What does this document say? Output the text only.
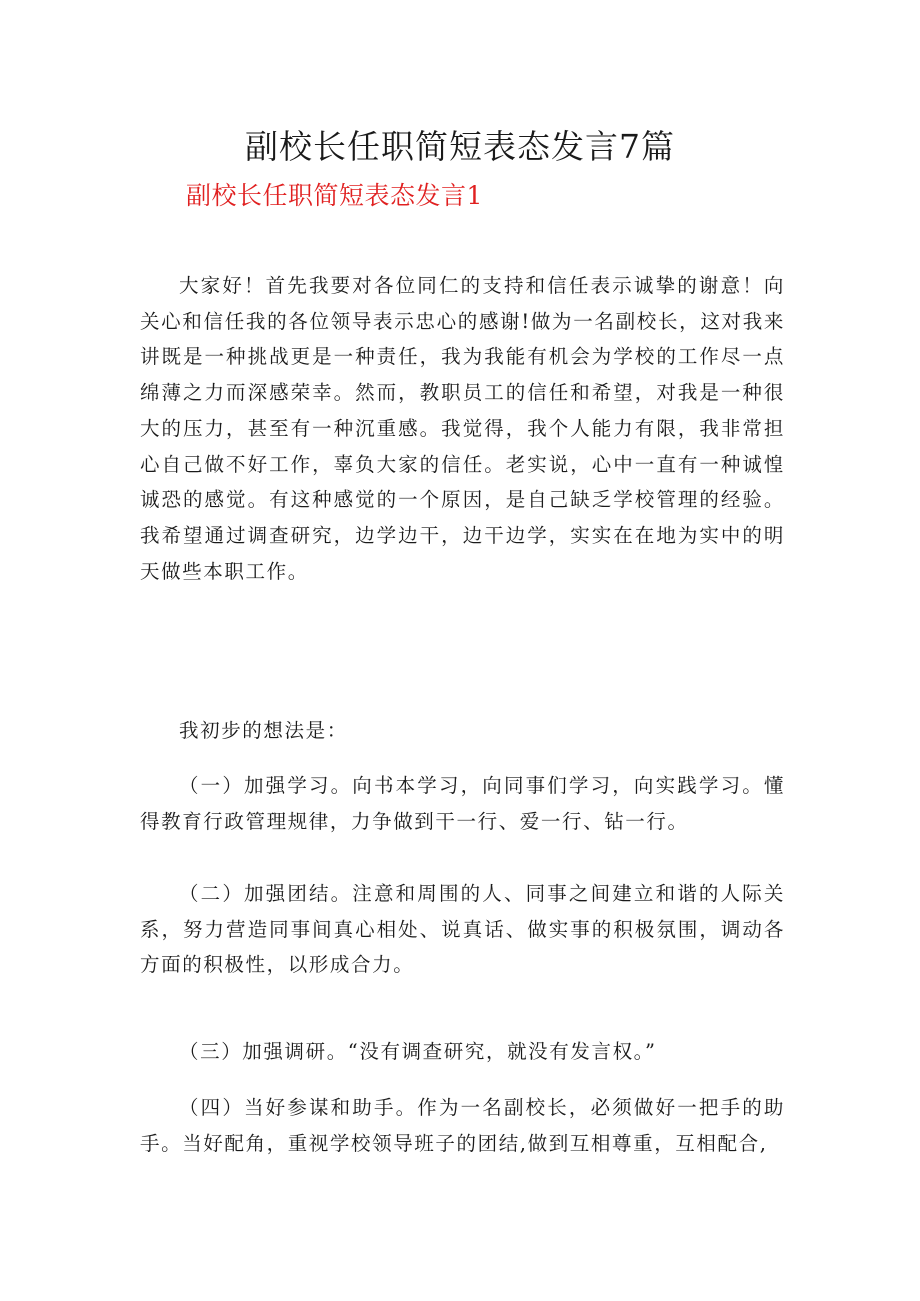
副校长任职简短表态发言7篇
副校长任职简短表态发言1

大家好！首先我要对各位同仁的支持和信任表示诚挚的谢意！向关心和信任我的各位领导表示忠心的感谢!做为一名副校长，这对我来讲既是一种挑战更是一种责任，我为我能有机会为学校的工作尽一点绵薄之力而深感荣幸。然而，教职员工的信任和希望，对我是一种很大的压力，甚至有一种沉重感。我觉得，我个人能力有限，我非常担心自己做不好工作，辜负大家的信任。老实说，心中一直有一种诚惶诚恐的感觉。有这种感觉的一个原因，是自己缺乏学校管理的经验。我希望通过调查研究，边学边干，边干边学，实实在在地为实中的明天做些本职工作。

我初步的想法是：

（一）加强学习。向书本学习，向同事们学习，向实践学习。懂得教育行政管理规律，力争做到干一行、爱一行、钻一行。

（二）加强团结。注意和周围的人、同事之间建立和谐的人际关系，努力营造同事间真心相处、说真话、做实事的积极氛围，调动各方面的积极性，以形成合力。

（三）加强调研。“没有调查研究，就没有发言权。”

（四）当好参谋和助手。作为一名副校长，必须做好一把手的助手。当好配角，重视学校领导班子的团结,做到互相尊重，互相配合,
